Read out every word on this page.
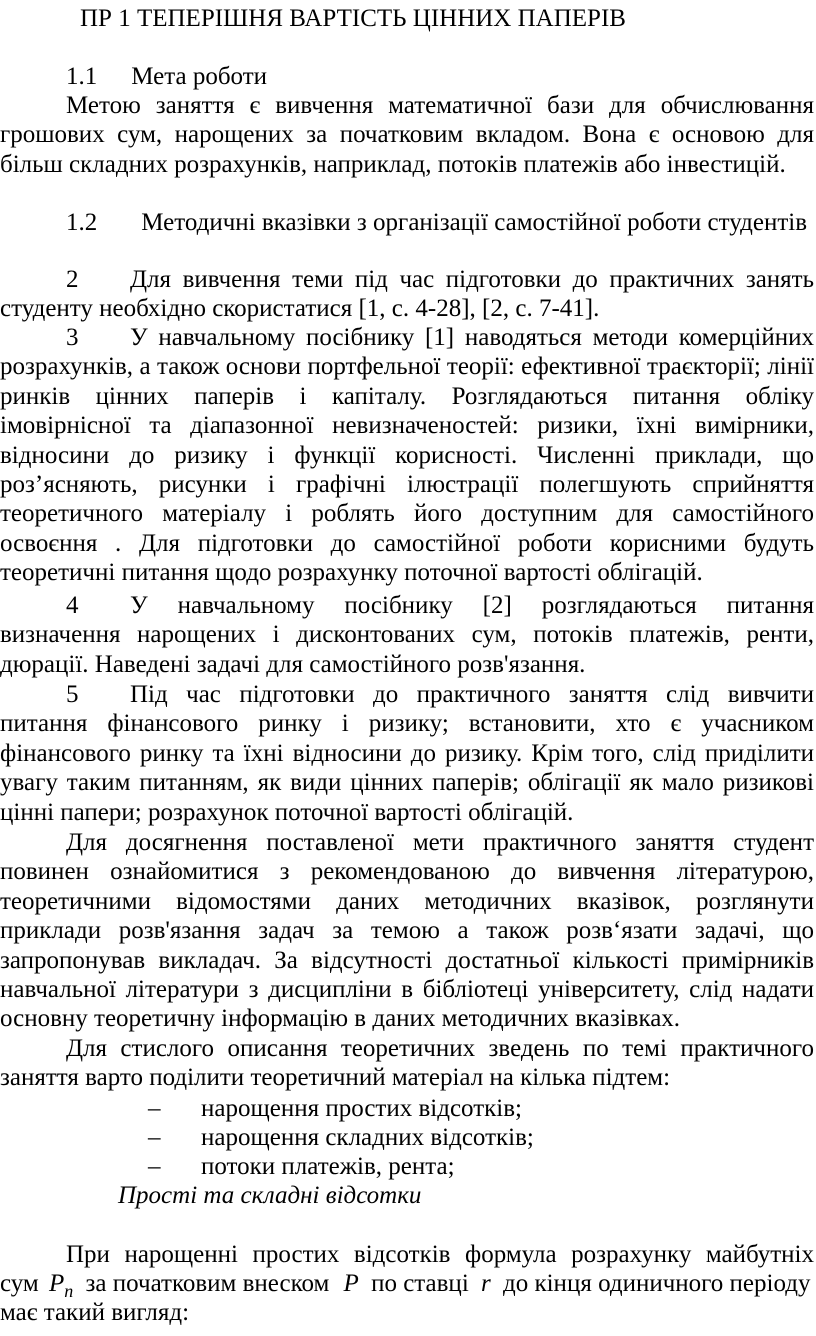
ПР 1 ТЕПЕРІШНЯ ВАРТІСТЬ ЦІННИХ ПАПЕРІВ
1.1 Мета роботи
Метою заняття є вивчення математичної бази для обчислювання грошових сум, нарощених за початковим вкладом. Вона є основою для більш складних розрахунків, наприклад, потоків платежів або інвестицій.
1.2 Методичні вказівки з організації самостійної роботи студентів
2 Для вивчення теми під час підготовки до практичних занять студенту необхідно скористатися [1, с. 4-28], [2, с. 7-41].
3 У навчальному посібнику [1] наводяться методи комерційних розрахунків, а також основи портфельної теорії: ефективної траєкторії; лінії ринків цінних паперів і капіталу. Розглядаються питання обліку імовірнісної та діапазонної невизначеностей: ризики, їхні вимірники, відносини до ризику і функції корисності. Численні приклади, що роз’ясняють, рисунки і графічні ілюстрації полегшують сприйняття теоретичного матеріалу і роблять його доступним для самостійного освоєння . Для підготовки до самостійної роботи корисними будуть теоретичні питання щодо розрахунку поточної вартості облігацій.
4 У навчальному посібнику [2] розглядаються питання визначення нарощених і дисконтованих сум, потоків платежів, ренти, дюрації. Наведені задачі для самостійного розв'язання.
5 Під час підготовки до практичного заняття слід вивчити питання фінансового ринку і ризику; встановити, хто є учасником фінансового ринку та їхні відносини до ризику. Крім того, слід приділити увагу таким питанням, як види цінних паперів; облігації як мало ризикові цінні папери; розрахунок поточної вартості облігацій.
Для досягнення поставленої мети практичного заняття студент повинен ознайомитися з рекомендованою до вивчення літературою, теоретичними відомостями даних методичних вказівок, розглянути приклади розв'язання задач за темою а також розв‘язати задачі, що запропонував викладач. За відсутності достатньої кількості примірників навчальної літератури з дисципліни в бібліотеці університету, слід надати основну теоретичну інформацію в даних методичних вказівках.
Для стислого описання теоретичних зведень по темі практичного заняття варто поділити теоретичний матеріал на кілька підтем:
– нарощення простих відсотків;
– нарощення складних відсотків;
– потоки платежів, рента;
Прості та складні відсотки
При нарощенні простих відсотків формула розрахунку майбутніх
сум $P_n$ за початковим внеском P по ставці r до кінця одиничного періоду
має такий вигляд:
